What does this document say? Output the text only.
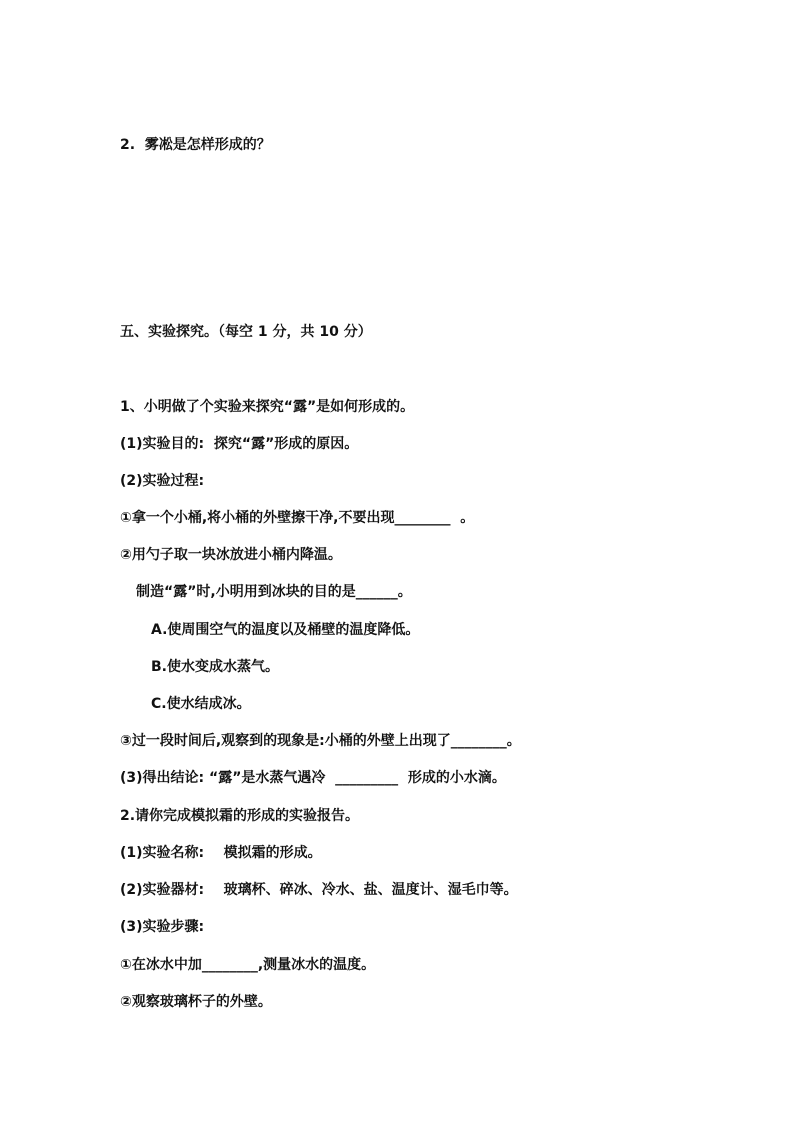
2.  雾凇是怎样形成的？
五、实验探究。（每空 1 分，共 10 分）
1、小明做了个实验来探究“露”是如何形成的。
(1)实验目的:  探究“露”形成的原因。
(2)实验过程:
①拿一个小桶,将小桶的外壁擦干净,不要出现________  。
②用勺子取一块冰放进小桶内降温。
制造“露”时,小明用到冰块的目的是______。
A.使周围空气的温度以及桶壁的温度降低。
B.使水变成水蒸气。
C.使水结成冰。
③过一段时间后,观察到的现象是:小桶的外壁上出现了________。
(3)得出结论: “露”是水蒸气遇冷  _________  形成的小水滴。
2.请你完成模拟霜的形成的实验报告。
(1)实验名称:    模拟霜的形成。
(2)实验器材:    玻璃杯、碎冰、冷水、盐、温度计、湿毛巾等。
(3)实验步骤:
①在冰水中加________,测量冰水的温度。
②观察玻璃杯子的外壁。
